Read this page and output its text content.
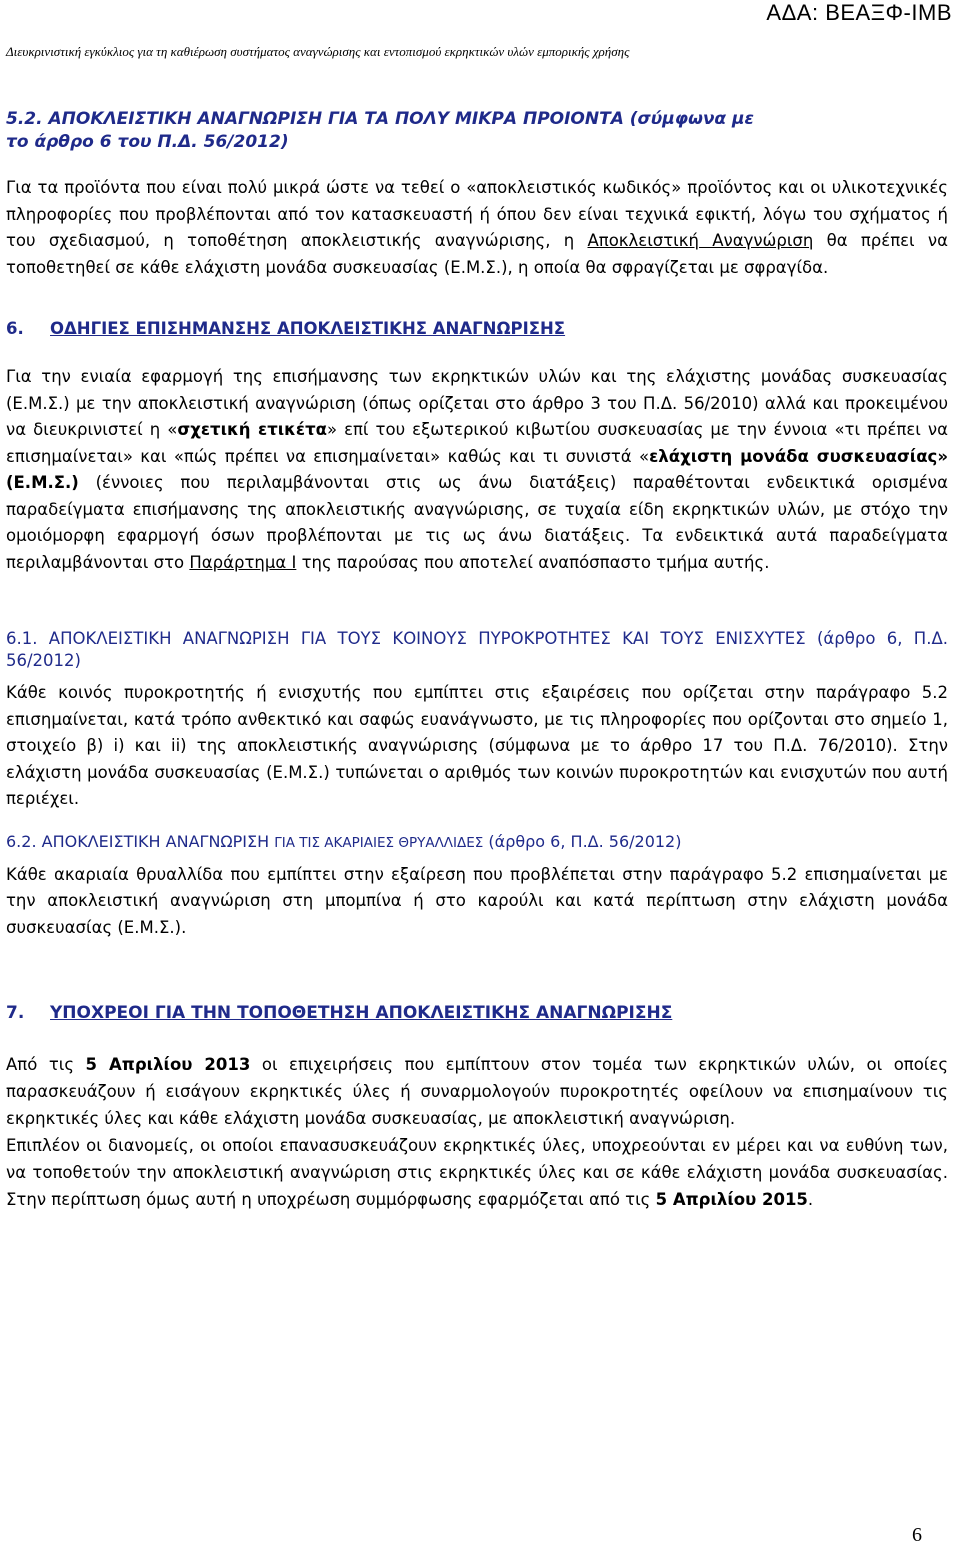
ΑΔΑ: ΒΕΑΞΦ-ΙΜΒ
Διευκρινιστική εγκύκλιος για τη καθιέρωση συστήματος αναγνώρισης και εντοπισμού εκρηκτικών υλών εμπορικής χρήσης

5.2. ΑΠΟΚΛΕΙΣΤΙΚΗ ΑΝΑΓΝΩΡΙΣΗ ΓΙΑ ΤΑ ΠΟΛΥ ΜΙΚΡΑ ΠΡΟΙΟΝΤΑ (σύμφωνα με
το άρθρο 6 του Π.Δ. 56/2012)

Για τα προϊόντα που είναι πολύ μικρά ώστε να τεθεί ο «αποκλειστικός κωδικός» προϊόντος και οι υλικοτεχνικές πληροφορίες που προβλέπονται από τον κατασκευαστή ή όπου δεν είναι τεχνικά εφικτή, λόγω του σχήματος ή του σχεδιασμού, η τοποθέτηση αποκλειστικής αναγνώρισης, η Αποκλειστική Αναγνώριση θα πρέπει να τοποθετηθεί σε κάθε ελάχιστη μονάδα συσκευασίας (Ε.Μ.Σ.), η οποία θα σφραγίζεται με σφραγίδα.

6. ΟΔΗΓΙΕΣ ΕΠΙΣΗΜΑΝΣΗΣ ΑΠΟΚΛΕΙΣΤΙΚΗΣ ΑΝΑΓΝΩΡΙΣΗΣ

Για την ενιαία εφαρμογή της επισήμανσης των εκρηκτικών υλών και της ελάχιστης μονάδας συσκευασίας (Ε.Μ.Σ.) με την αποκλειστική αναγνώριση (όπως ορίζεται στο άρθρο 3 του Π.Δ. 56/2010) αλλά και προκειμένου να διευκρινιστεί η «σχετική ετικέτα» επί του εξωτερικού κιβωτίου συσκευασίας με την έννοια «τι πρέπει να επισημαίνεται» και «πώς πρέπει να επισημαίνεται» καθώς και τι συνιστά «ελάχιστη μονάδα συσκευασίας» (Ε.Μ.Σ.) (έννοιες που περιλαμβάνονται στις ως άνω διατάξεις) παραθέτονται ενδεικτικά ορισμένα παραδείγματα επισήμανσης της αποκλειστικής αναγνώρισης, σε τυχαία είδη εκρηκτικών υλών, με στόχο την ομοιόμορφη εφαρμογή όσων προβλέπονται με τις ως άνω διατάξεις. Τα ενδεικτικά αυτά παραδείγματα περιλαμβάνονται στο Παράρτημα Ι της παρούσας που αποτελεί αναπόσπαστο τμήμα αυτής.

6.1. ΑΠΟΚΛΕΙΣΤΙΚΗ ΑΝΑΓΝΩΡΙΣΗ ΓΙΑ ΤΟΥΣ ΚΟΙΝΟΥΣ ΠΥΡΟΚΡΟΤΗΤΕΣ ΚΑΙ ΤΟΥΣ ΕΝΙΣΧΥΤΕΣ (άρθρο 6, Π.Δ. 56/2012)

Κάθε κοινός πυροκροτητής ή ενισχυτής που εμπίπτει στις εξαιρέσεις που ορίζεται στην παράγραφο 5.2 επισημαίνεται, κατά τρόπο ανθεκτικό και σαφώς ευανάγνωστο, με τις πληροφορίες που ορίζονται στο σημείο 1, στοιχείο β) i) και ii) της αποκλειστικής αναγνώρισης (σύμφωνα με το άρθρο 17 του Π.Δ. 76/2010). Στην ελάχιστη μονάδα συσκευασίας (Ε.Μ.Σ.) τυπώνεται ο αριθμός των κοινών πυροκροτητών και ενισχυτών που αυτή περιέχει.

6.2. ΑΠΟΚΛΕΙΣΤΙΚΗ ΑΝΑΓΝΩΡΙΣΗ ΓΙΑ ΤΙΣ ΑΚΑΡΙΑΙΕΣ ΘΡΥΑΛΛΙΔΕΣ (άρθρο 6, Π.Δ. 56/2012)

Κάθε ακαριαία θρυαλλίδα που εμπίπτει στην εξαίρεση που προβλέπεται στην παράγραφο 5.2 επισημαίνεται με την αποκλειστική αναγνώριση στη μπομπίνα ή στο καρούλι και κατά περίπτωση στην ελάχιστη μονάδα συσκευασίας (Ε.Μ.Σ.).

7. ΥΠΟΧΡΕΟΙ ΓΙΑ ΤΗΝ ΤΟΠΟΘΕΤΗΣΗ ΑΠΟΚΛΕΙΣΤΙΚΗΣ ΑΝΑΓΝΩΡΙΣΗΣ

Από τις 5 Απριλίου 2013 οι επιχειρήσεις που εμπίπτουν στον τομέα των εκρηκτικών υλών, οι οποίες παρασκευάζουν ή εισάγουν εκρηκτικές ύλες ή συναρμολογούν πυροκροτητές οφείλουν να επισημαίνουν τις εκρηκτικές ύλες και κάθε ελάχιστη μονάδα συσκευασίας, με αποκλειστική αναγνώριση.

Επιπλέον οι διανομείς, οι οποίοι επανασυσκευάζουν εκρηκτικές ύλες, υποχρεούνται εν μέρει και να ευθύνη των, να τοποθετούν την αποκλειστική αναγνώριση στις εκρηκτικές ύλες και σε κάθε ελάχιστη μονάδα συσκευασίας. Στην περίπτωση όμως αυτή η υποχρέωση συμμόρφωσης εφαρμόζεται από τις 5 Απριλίου 2015.

6
